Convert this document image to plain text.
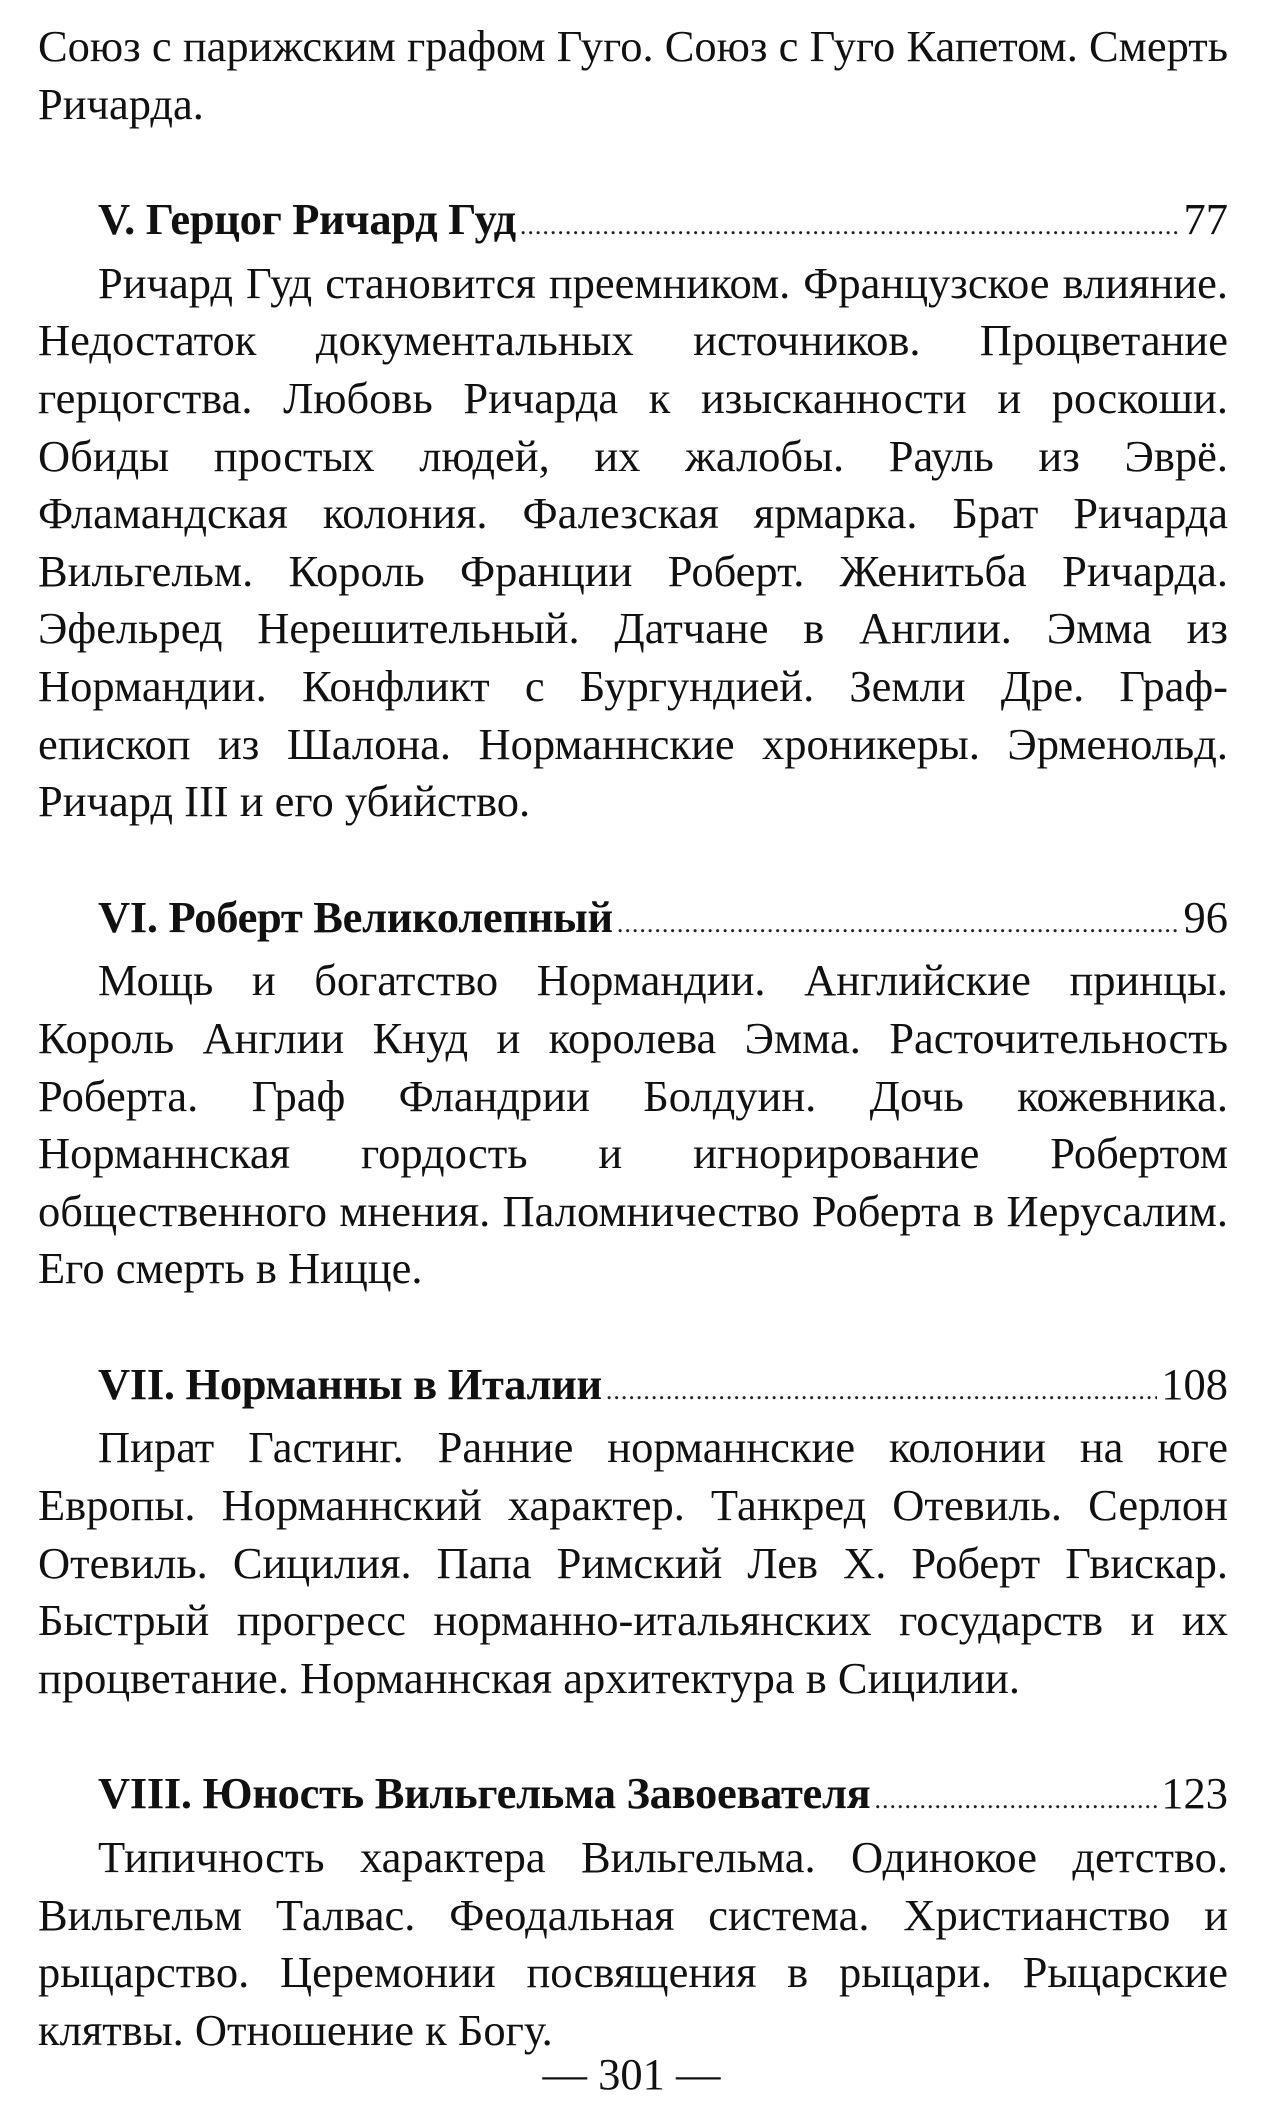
Союз с парижским графом Гуго. Союз с Гуго Капетом. Смерть Ричарда.

V. Герцог Ричард Гуд .....	77

Ричард Гуд становится преемником. Французское влияние. Недостаток документальных источников. Процветание герцогства. Любовь Ричарда к изысканности и роскоши. Обиды простых людей, их жалобы. Рауль из Эврё. Фламандская колония. Фалезская ярмарка. Брат Ричарда Вильгельм. Король Франции Роберт. Женитьба Ричарда. Эфельред Нерешительный. Датчане в Англии. Эмма из Нормандии. Конфликт с Бургундией. Земли Дре. Граф-епископ из Шалона. Норманнские хроникеры. Эрменольд. Ричард III и его убийство.

VI. Роберт Великолепный .....	96

Мощь и богатство Нормандии. Английские принцы. Король Англии Кнуд и королева Эмма. Расточительность Роберта. Граф Фландрии Болдуин. Дочь кожевника. Норманнская гордость и игнорирование Робертом общественного мнения. Паломничество Роберта в Иерусалим. Его смерть в Ницце.

VII. Норманны в Италии .....	108

Пират Гастинг. Ранние норманнские колонии на юге Европы. Норманнский характер. Танкред Отевиль. Серлон Отевиль. Сицилия. Папа Римский Лев X. Роберт Гвискар. Быстрый прогресс норманно-итальянских государств и их процветание. Норманнская архитектура в Сицилии.

VIII. Юность Вильгельма Завоевателя .....	123

Типичность характера Вильгельма. Одинокое детство. Вильгельм Талвас. Феодальная система. Христианство и рыцарство. Церемонии посвящения в рыцари. Рыцарские клятвы. Отношение к Богу.

— 301 —
